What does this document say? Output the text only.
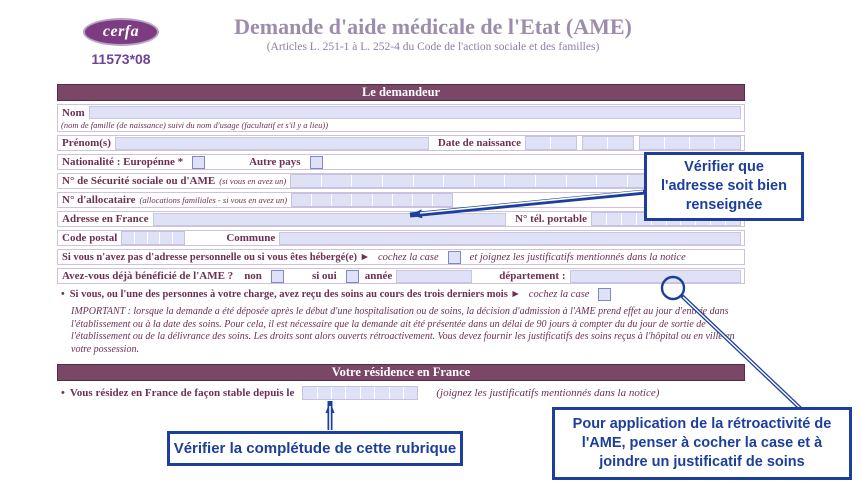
cerfa
11573*08
Demande d'aide médicale de l'Etat (AME)
(Articles L. 251-1 à L. 252-4 du Code de l'action sociale et des familles)
Le demandeur
Nom
(nom de famille (de naissance) suivi du nom d'usage (facultatif et s'il y a lieu))
Prénom(s)	Date de naissance
Nationalité : Europénne *	Autre pays
N° de Sécurité sociale ou d'AME (si vous en avez un)
N° d'allocataire (allocations familiales - si vous en avez un)
Adresse en France	N° tél. portable
Code postal	Commune
Si vous n'avez pas d'adresse personnelle ou si vous êtes hébergé(e) ► cochez la case	et joignez les justificatifs mentionnés dans la notice
Avez-vous déjà bénéficié de l'AME ?	non	si oui	année	département :
• Si vous, ou l'une des personnes à votre charge, avez reçu des soins au cours des trois derniers mois ► cochez la case
IMPORTANT : lorsque la demande a été déposée après le début d'une hospitalisation ou de soins, la décision d'admission à l'AME prend effet au jour d'entrée dans l'établissement ou à la date des soins. Pour cela, il est nécessaire que la demande ait été présentée dans un délai de 90 jours à compter du du jour de sortie de l'établissement ou de la délivrance des soins. Les droits sont alors ouverts rétroactivement. Vous devez fournir les justificatifs des soins reçus à l'hôpital ou en ville en votre possession.
Votre résidence en France
• Vous résidez en France de façon stable depuis le	(joignez les justificatifs mentionnés dans la notice)
Vérifier que l'adresse soit bien renseignée
Vérifier la complétude de cette rubrique
Pour application de la rétroactivité de l'AME, penser à cocher la case et à joindre un justificatif de soins
